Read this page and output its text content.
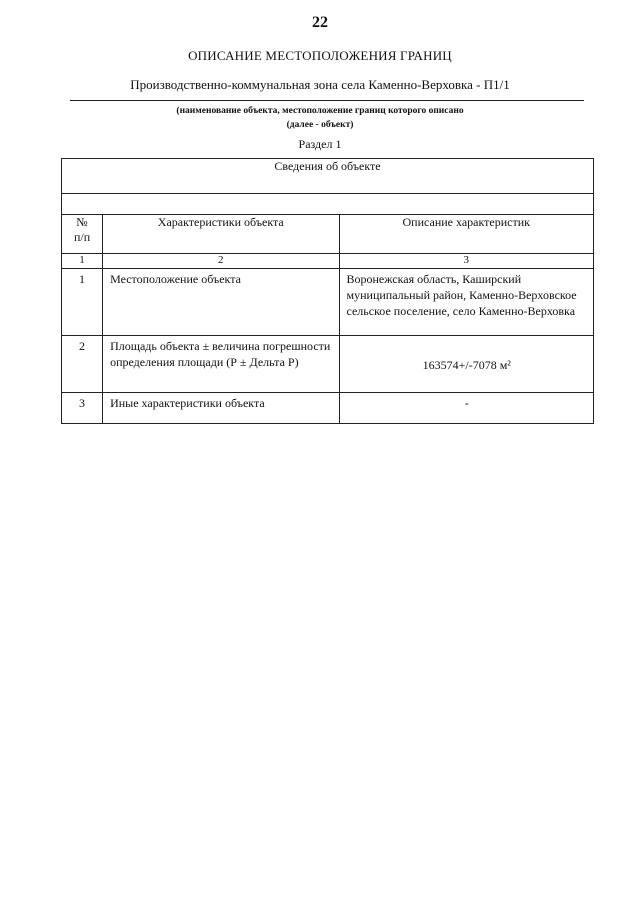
22
ОПИСАНИЕ МЕСТОПОЛОЖЕНИЯ ГРАНИЦ
Производственно-коммунальная зона села Каменно-Верховка - П1/1
(наименование объекта, местоположение границ которого описано
(далее - объект)
Раздел 1
Сведения об объекте		

№
п/п	Характеристики объекта	Описание характеристик
1	2	3
1	Местоположение объекта	Воронежская область, Каширский муниципальный район, Каменно-Верховское сельское поселение, село Каменно-Верховка
2	Площадь объекта ± величина погрешности определения площади (Р ± Дельта Р)	163574+/-7078 м²
3	Иные характеристики объекта	-
